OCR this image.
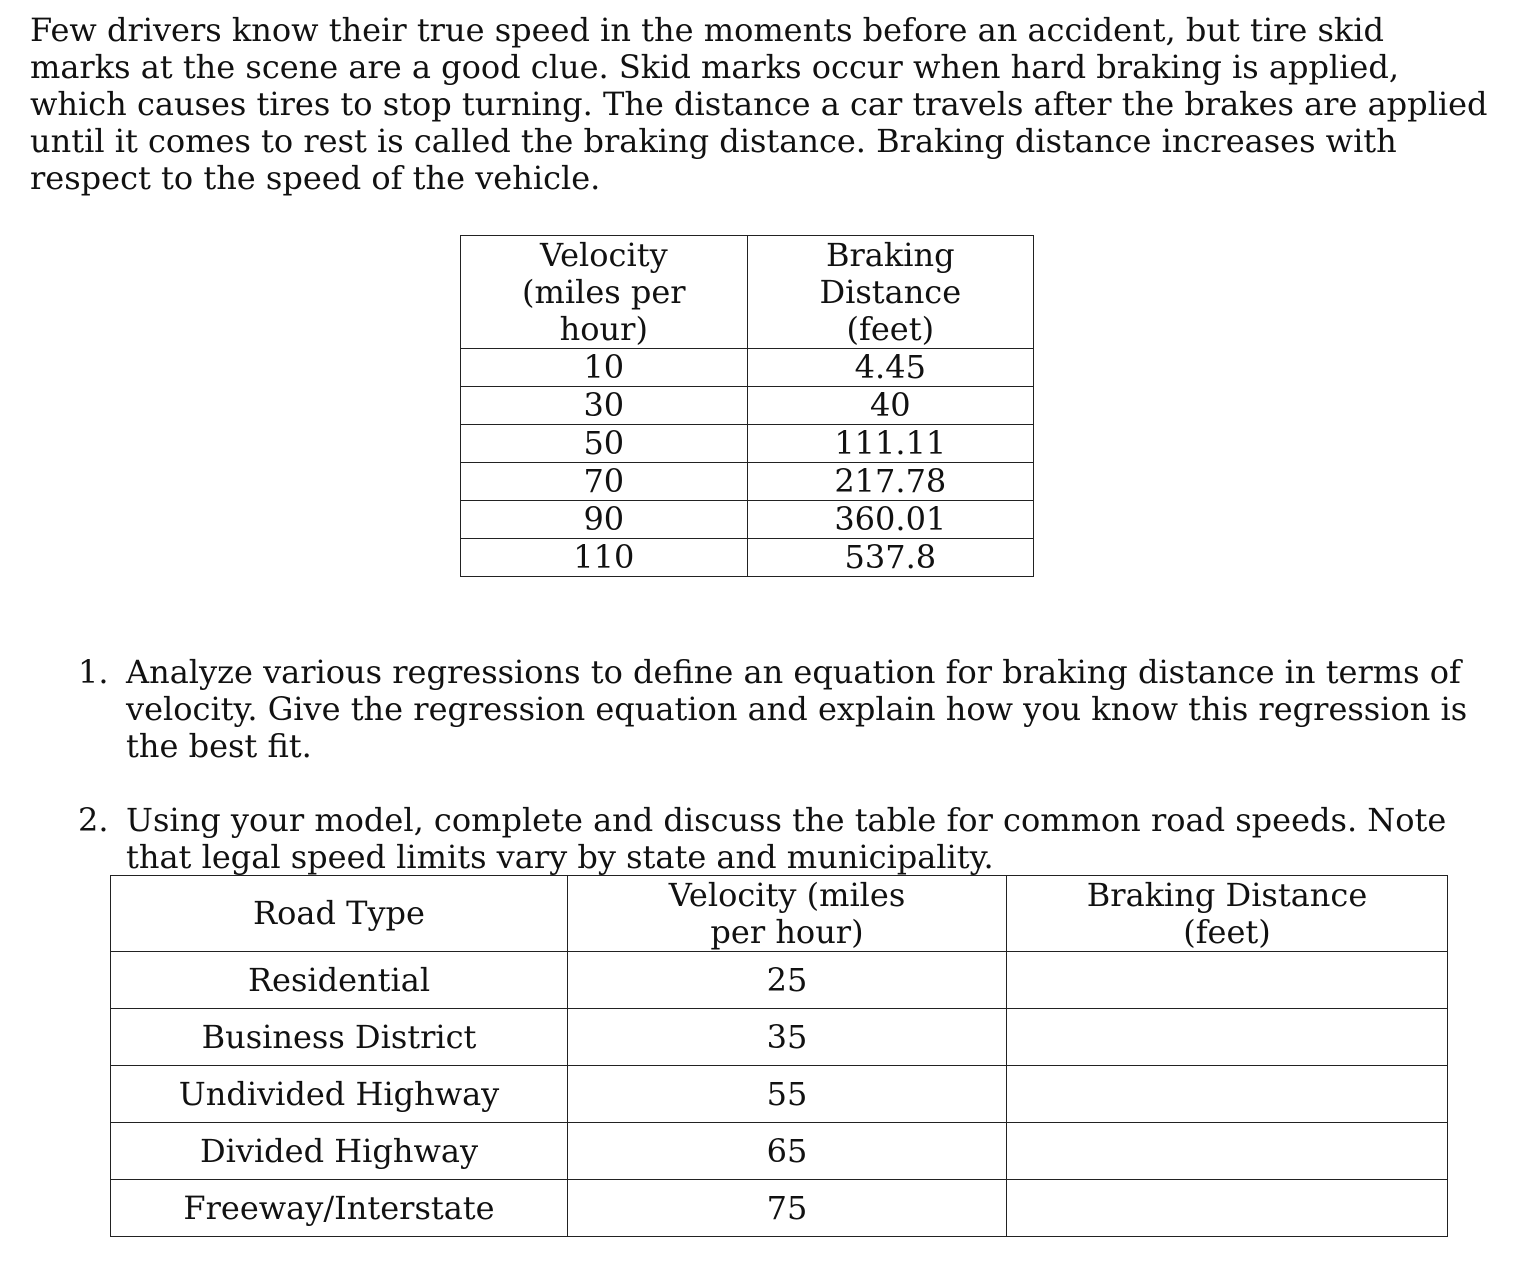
Few drivers know their true speed in the moments before an accident, but tire skid marks at the scene are a good clue. Skid marks occur when hard braking is applied, which causes tires to stop turning. The distance a car travels after the brakes are applied until it comes to rest is called the braking distance. Braking distance increases with respect to the speed of the vehicle.

Velocity (miles per hour)	Braking Distance (feet)
10	4.45
30	40
50	111.11
70	217.78
90	360.01
110	537.8
1. Analyze various regressions to define an equation for braking distance in terms of velocity. Give the regression equation and explain how you know this regression is the best fit.
2. Using your model, complete and discuss the table for common road speeds. Note that legal speed limits vary by state and municipality.
Road Type	Velocity (miles per hour)	Braking Distance (feet)
Residential	25	
Business District	35	
Undivided Highway	55	
Divided Highway	65	
Freeway/Interstate	75	
